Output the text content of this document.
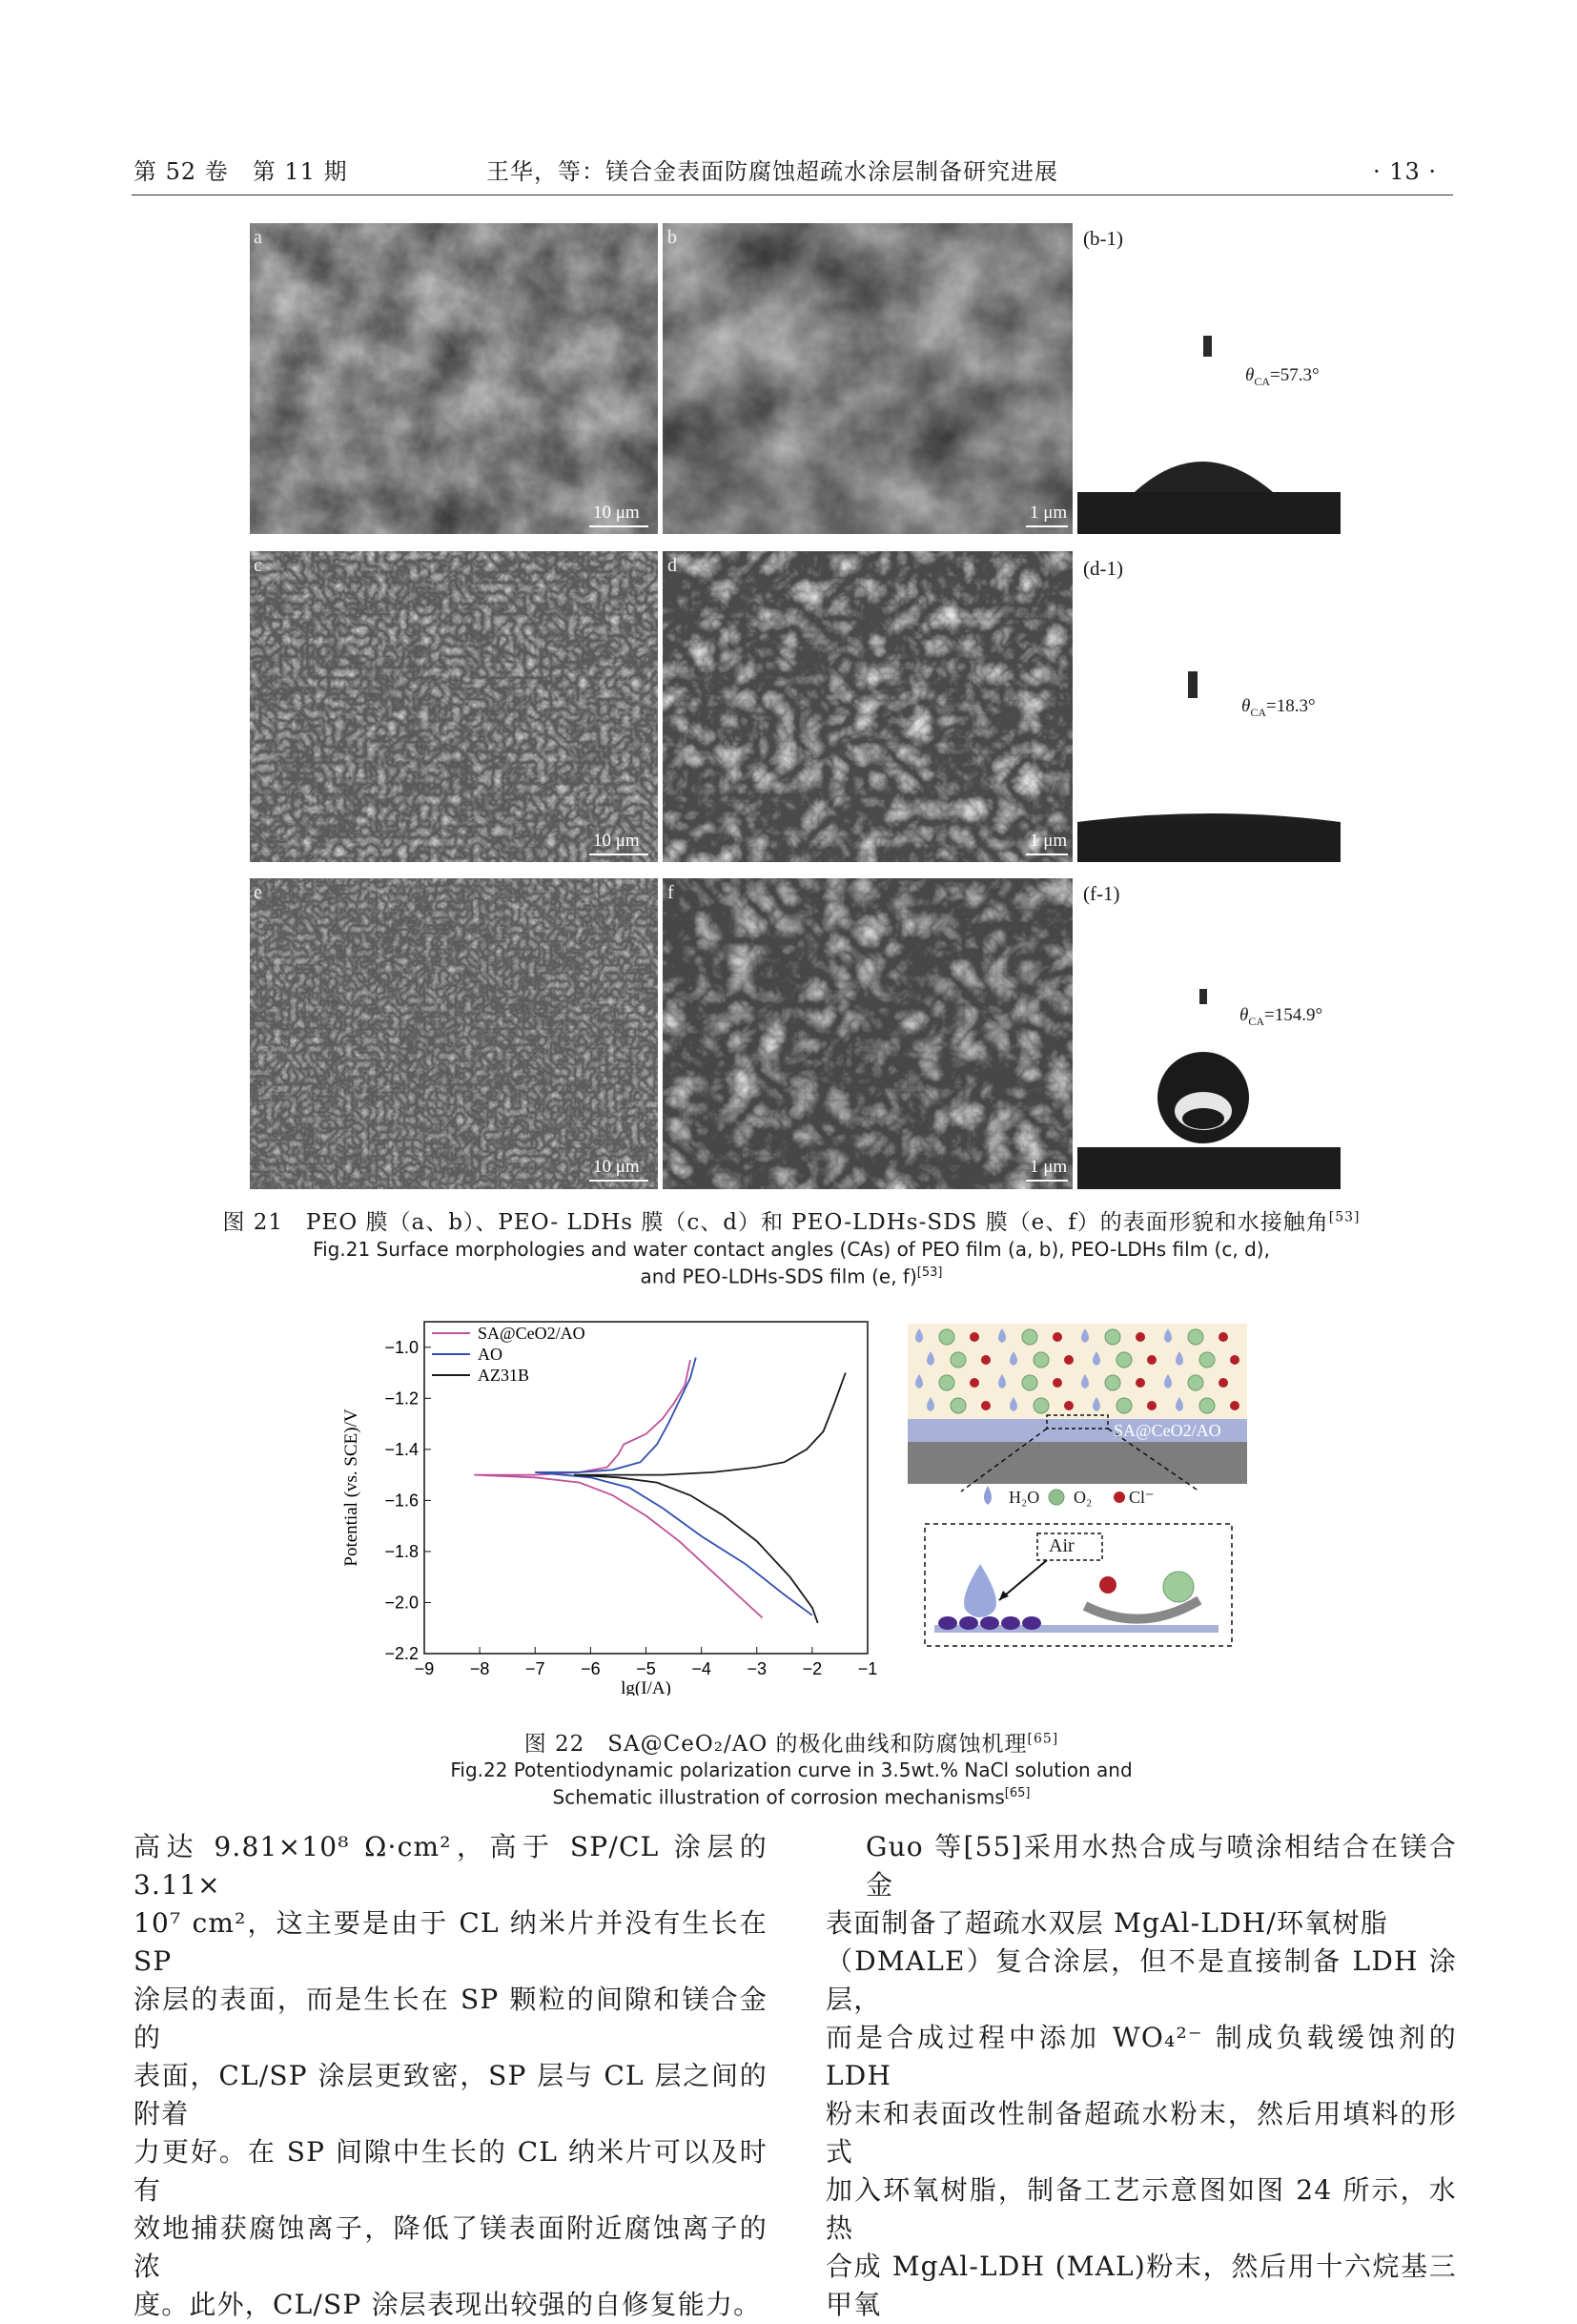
第 52 卷　第 11 期	王华，等：镁合金表面防腐蚀超疏水涂层制备研究进展	· 13 ·
a
10 μm
b
1 μm
(b-1)
$\theta_{CA}=57.3^\circ$
c
10 μm
d
1 μm
(d-1)
$\theta_{CA}=18.3^\circ$
e
10 μm
f
1 μm
(f-1)
$\theta_{CA}=154.9^\circ$
图 21　PEO 膜（a、b）、PEO- LDHs 膜（c、d）和 PEO-LDHs-SDS 膜（e、f）的表面形貌和水接触角[53]
Fig.21 Surface morphologies and water contact angles (CAs) of PEO film (a, b), PEO-LDHs film (c, d),
and PEO-LDHs-SDS film (e, f)[53]
−9 −8 −7 −6 −5 −4 −3 −2 −1
−1.0
−1.2
−1.4
−1.6
−1.8
−2.0
−2.2
lg(I/A)
Potential (vs. SCE)/V
SA@CeO2/AO
AO
AZ31B
SA@CeO2/AO
H₂O O₂ Cl⁻
Air
图 22　SA@CeO₂/AO 的极化曲线和防腐蚀机理[65]
Fig.22 Potentiodynamic polarization curve in 3.5wt.% NaCl solution and
Schematic illustration of corrosion mechanisms[65]
高达 9.81×10⁸ Ω·cm²，高于 SP/CL 涂层的 3.11×
10⁷ cm²，这主要是由于 CL 纳米片并没有生长在 SP
涂层的表面，而是生长在 SP 颗粒的间隙和镁合金的
表面，CL/SP 涂层更致密，SP 层与 CL 层之间的附着
力更好。在 SP 间隙中生长的 CL 纳米片可以及时有
效地捕获腐蚀离子，降低了镁表面附近腐蚀离子的浓
度。此外，CL/SP 涂层表现出较强的自修复能力。
Guo 等[55]采用水热合成与喷涂相结合在镁合金
表面制备了超疏水双层 MgAl-LDH/环氧树脂
（DMALE）复合涂层，但不是直接制备 LDH 涂层，
而是合成过程中添加 WO₄²⁻ 制成负载缓蚀剂的 LDH
粉末和表面改性制备超疏水粉末，然后用填料的形式
加入环氧树脂，制备工艺示意图如图 24 所示，水热
合成 MgAl-LDH (MAL)粉末，然后用十六烷基三甲氧
